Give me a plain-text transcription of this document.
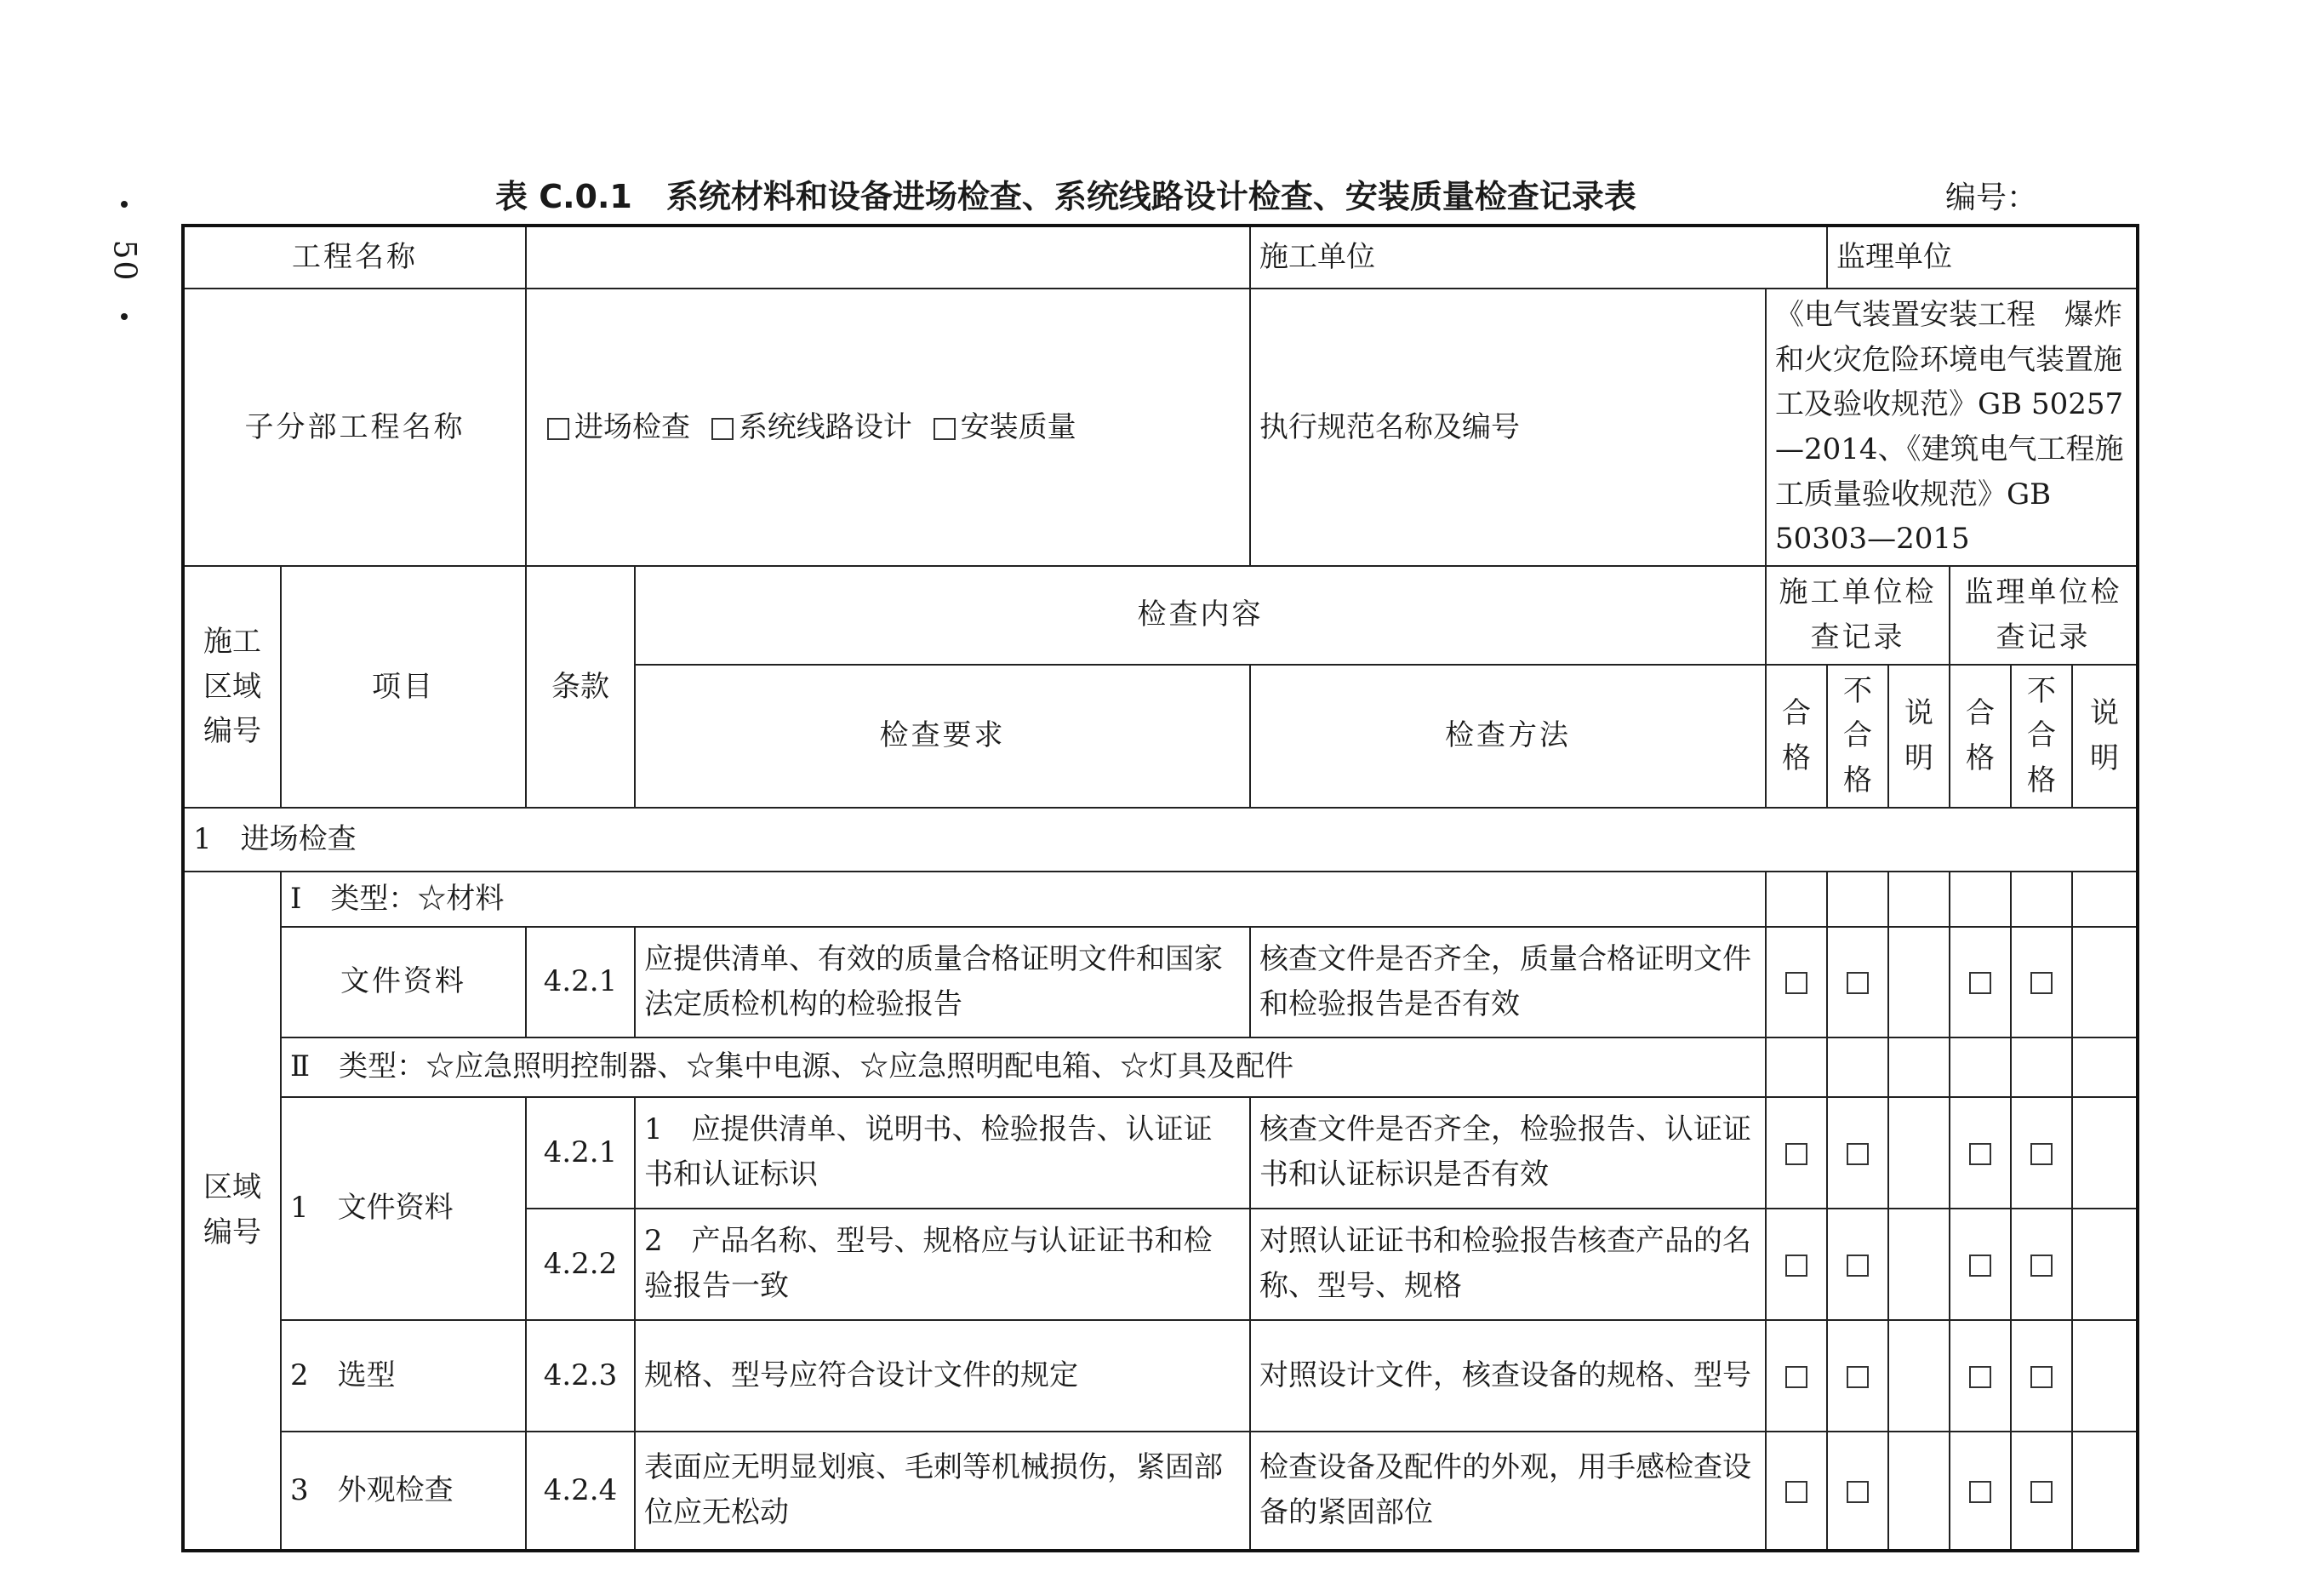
50
表 C.0.1 系统材料和设备进场检查、系统线路设计检查、安装质量检查记录表	编号：
工程名称				施工单位		监理单位				
子分部工程名称		进场检查 系统线路设计 安装质量		执行规范名称及编号	《电气装置安装工程　爆炸和火灾危险环境电气装置施工及验收规范》GB 50257—2014、《建筑电气工程施工质量验收规范》GB 50303—2015					
施工区域编号	项目	条款	检查内容		施工单位检查记录			监理单位检查记录		
			检查要求	检查方法	合格	不合格	说明	合格	不合格	说明
1　进场检查										
区域编号	Ⅰ　类型：☆材料									
	文件资料	4.2.1	应提供清单、有效的质量合格证明文件和国家法定质检机构的检验报告	核查文件是否齐全，质量合格证明文件和检验报告是否有效						
	Ⅱ　类型：☆应急照明控制器、☆集中电源、☆应急照明配电箱、☆灯具及配件									
	1　文件资料	4.2.1	1　应提供清单、说明书、检验报告、认证证书和认证标识	核查文件是否齐全，检验报告、认证证书和认证标识是否有效						
		4.2.2	2　产品名称、型号、规格应与认证证书和检验报告一致	对照认证证书和检验报告核查产品的名称、型号、规格						
	2　选型	4.2.3	规格、型号应符合设计文件的规定	对照设计文件，核查设备的规格、型号						
	3　外观检查	4.2.4	表面应无明显划痕、毛刺等机械损伤，紧固部位应无松动	检查设备及配件的外观，用手感检查设备的紧固部位						
